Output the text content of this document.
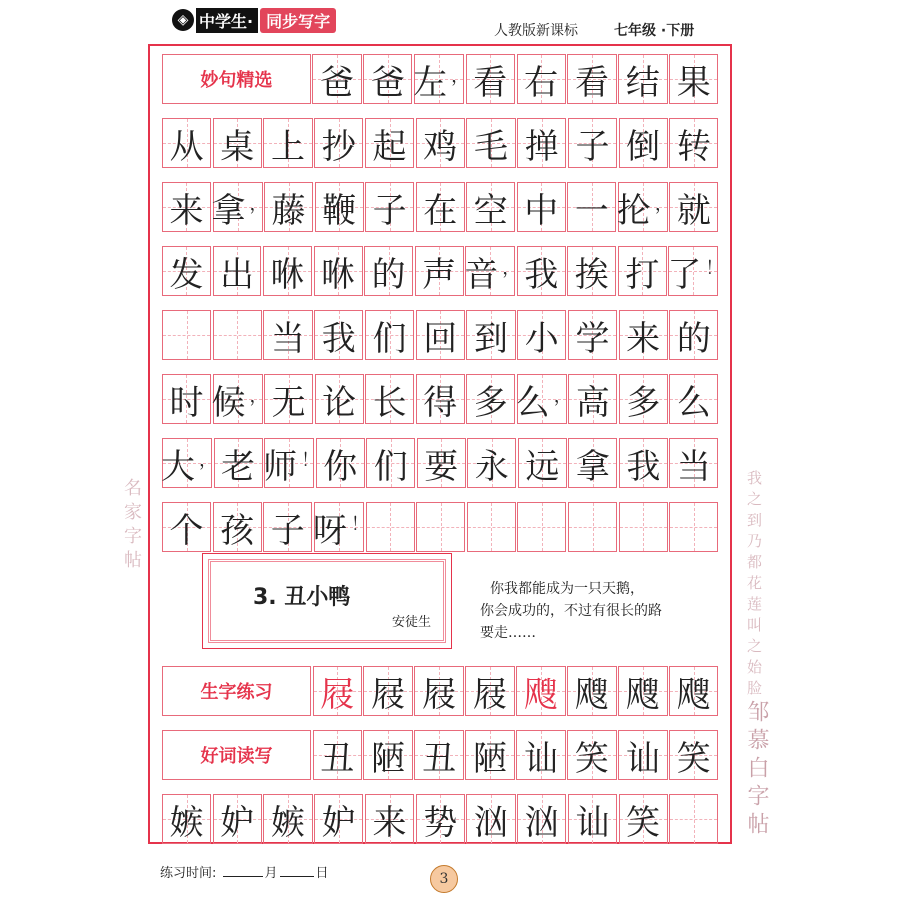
◈ 中学生· 同步写字
人教版新课标	七年级 ·下册
妙句精选	爸 爸 左 ， 看 右 看 结 果
从 桌 上 抄 起 鸡 毛 掸 子 倒 转
来 拿 ， 藤 鞭 子 在 空 中 一 抡 ， 就
发 出 咻 咻 的 声 音 ， 我 挨 打 了 ！
当 我 们 回 到 小 学 来 的
时 候 ， 无 论 长 得 多 么 ， 高 多 么
大 ， 老 师 ！ 你 们 要 永 远 拿 我 当
个 孩 子 呀 ！
3. 丑小鸭
安徒生
你我都能成为一只天鹅，
你会成功的，不过有很长的路
要走……
生字练习	屐 屐 屐 屐 飕 飕 飕 飕
好词读写	丑 陋 丑 陋 讪 笑 讪 笑
嫉 妒 嫉 妒 来 势 汹 汹 讪 笑
名家字帖	我之到乃都花莲叫之始脸
邹慕白字帖
练习时间:	月	日	3
